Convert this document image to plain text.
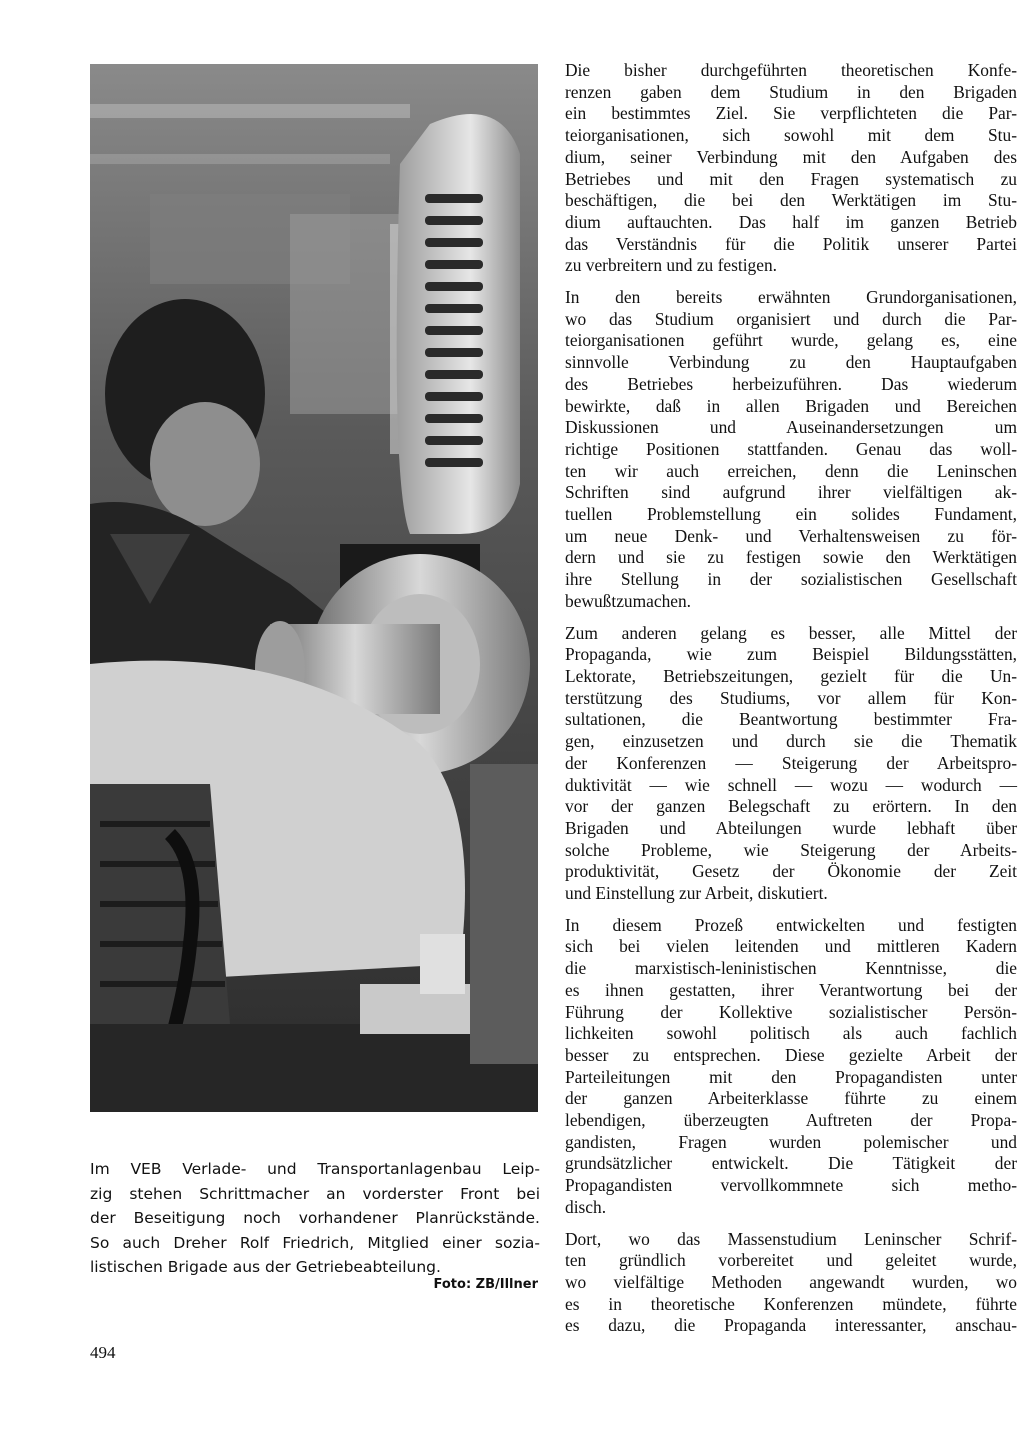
Im VEB Verlade- und Transportanlagenbau Leip-
zig stehen Schrittmacher an vorderster Front bei
der Beseitigung noch vorhandener Planrückstände.
So auch Dreher Rolf Friedrich, Mitglied einer sozia-
listischen Brigade aus der Getriebeabteilung.

Foto: ZB/Illner

494

Die bisher durchgeführten theoretischen Konfe-
renzen gaben dem Studium in den Brigaden
ein bestimmtes Ziel. Sie verpflichteten die Par-
teiorganisationen, sich sowohl mit dem Stu-
dium, seiner Verbindung mit den Aufgaben des
Betriebes und mit den Fragen systematisch zu
beschäftigen, die bei den Werktätigen im Stu-
dium auftauchten. Das half im ganzen Betrieb
das Verständnis für die Politik unserer Partei
zu verbreitern und zu festigen.

In den bereits erwähnten Grundorganisationen,
wo das Studium organisiert und durch die Par-
teiorganisationen geführt wurde, gelang es, eine
sinnvolle Verbindung zu den Hauptaufgaben
des Betriebes herbeizuführen. Das wiederum
bewirkte, daß in allen Brigaden und Bereichen
Diskussionen und Auseinandersetzungen um
richtige Positionen stattfanden. Genau das woll-
ten wir auch erreichen, denn die Leninschen
Schriften sind aufgrund ihrer vielfältigen ak-
tuellen Problemstellung ein solides Fundament,
um neue Denk- und Verhaltensweisen zu för-
dern und sie zu festigen sowie den Werktätigen
ihre Stellung in der sozialistischen Gesellschaft
bewußtzumachen.

Zum anderen gelang es besser, alle Mittel der
Propaganda, wie zum Beispiel Bildungsstätten,
Lektorate, Betriebszeitungen, gezielt für die Un-
terstützung des Studiums, vor allem für Kon-
sultationen, die Beantwortung bestimmter Fra-
gen, einzusetzen und durch sie die Thematik
der Konferenzen — Steigerung der Arbeitspro-
duktivität — wie schnell — wozu — wodurch —
vor der ganzen Belegschaft zu erörtern. In den
Brigaden und Abteilungen wurde lebhaft über
solche Probleme, wie Steigerung der Arbeits-
produktivität, Gesetz der Ökonomie der Zeit
und Einstellung zur Arbeit, diskutiert.

In diesem Prozeß entwickelten und festigten
sich bei vielen leitenden und mittleren Kadern
die marxistisch-leninistischen Kenntnisse, die
es ihnen gestatten, ihrer Verantwortung bei der
Führung der Kollektive sozialistischer Persön-
lichkeiten sowohl politisch als auch fachlich
besser zu entsprechen. Diese gezielte Arbeit der
Parteileitungen mit den Propagandisten unter
der ganzen Arbeiterklasse führte zu einem
lebendigen, überzeugten Auftreten der Propa-
gandisten, Fragen wurden polemischer und
grundsätzlicher entwickelt. Die Tätigkeit der
Propagandisten vervollkommnete sich metho-
disch.

Dort, wo das Massenstudium Leninscher Schrif-
ten gründlich vorbereitet und geleitet wurde,
wo vielfältige Methoden angewandt wurden, wo
es in theoretische Konferenzen mündete, führte
es dazu, die Propaganda interessanter, anschau-
